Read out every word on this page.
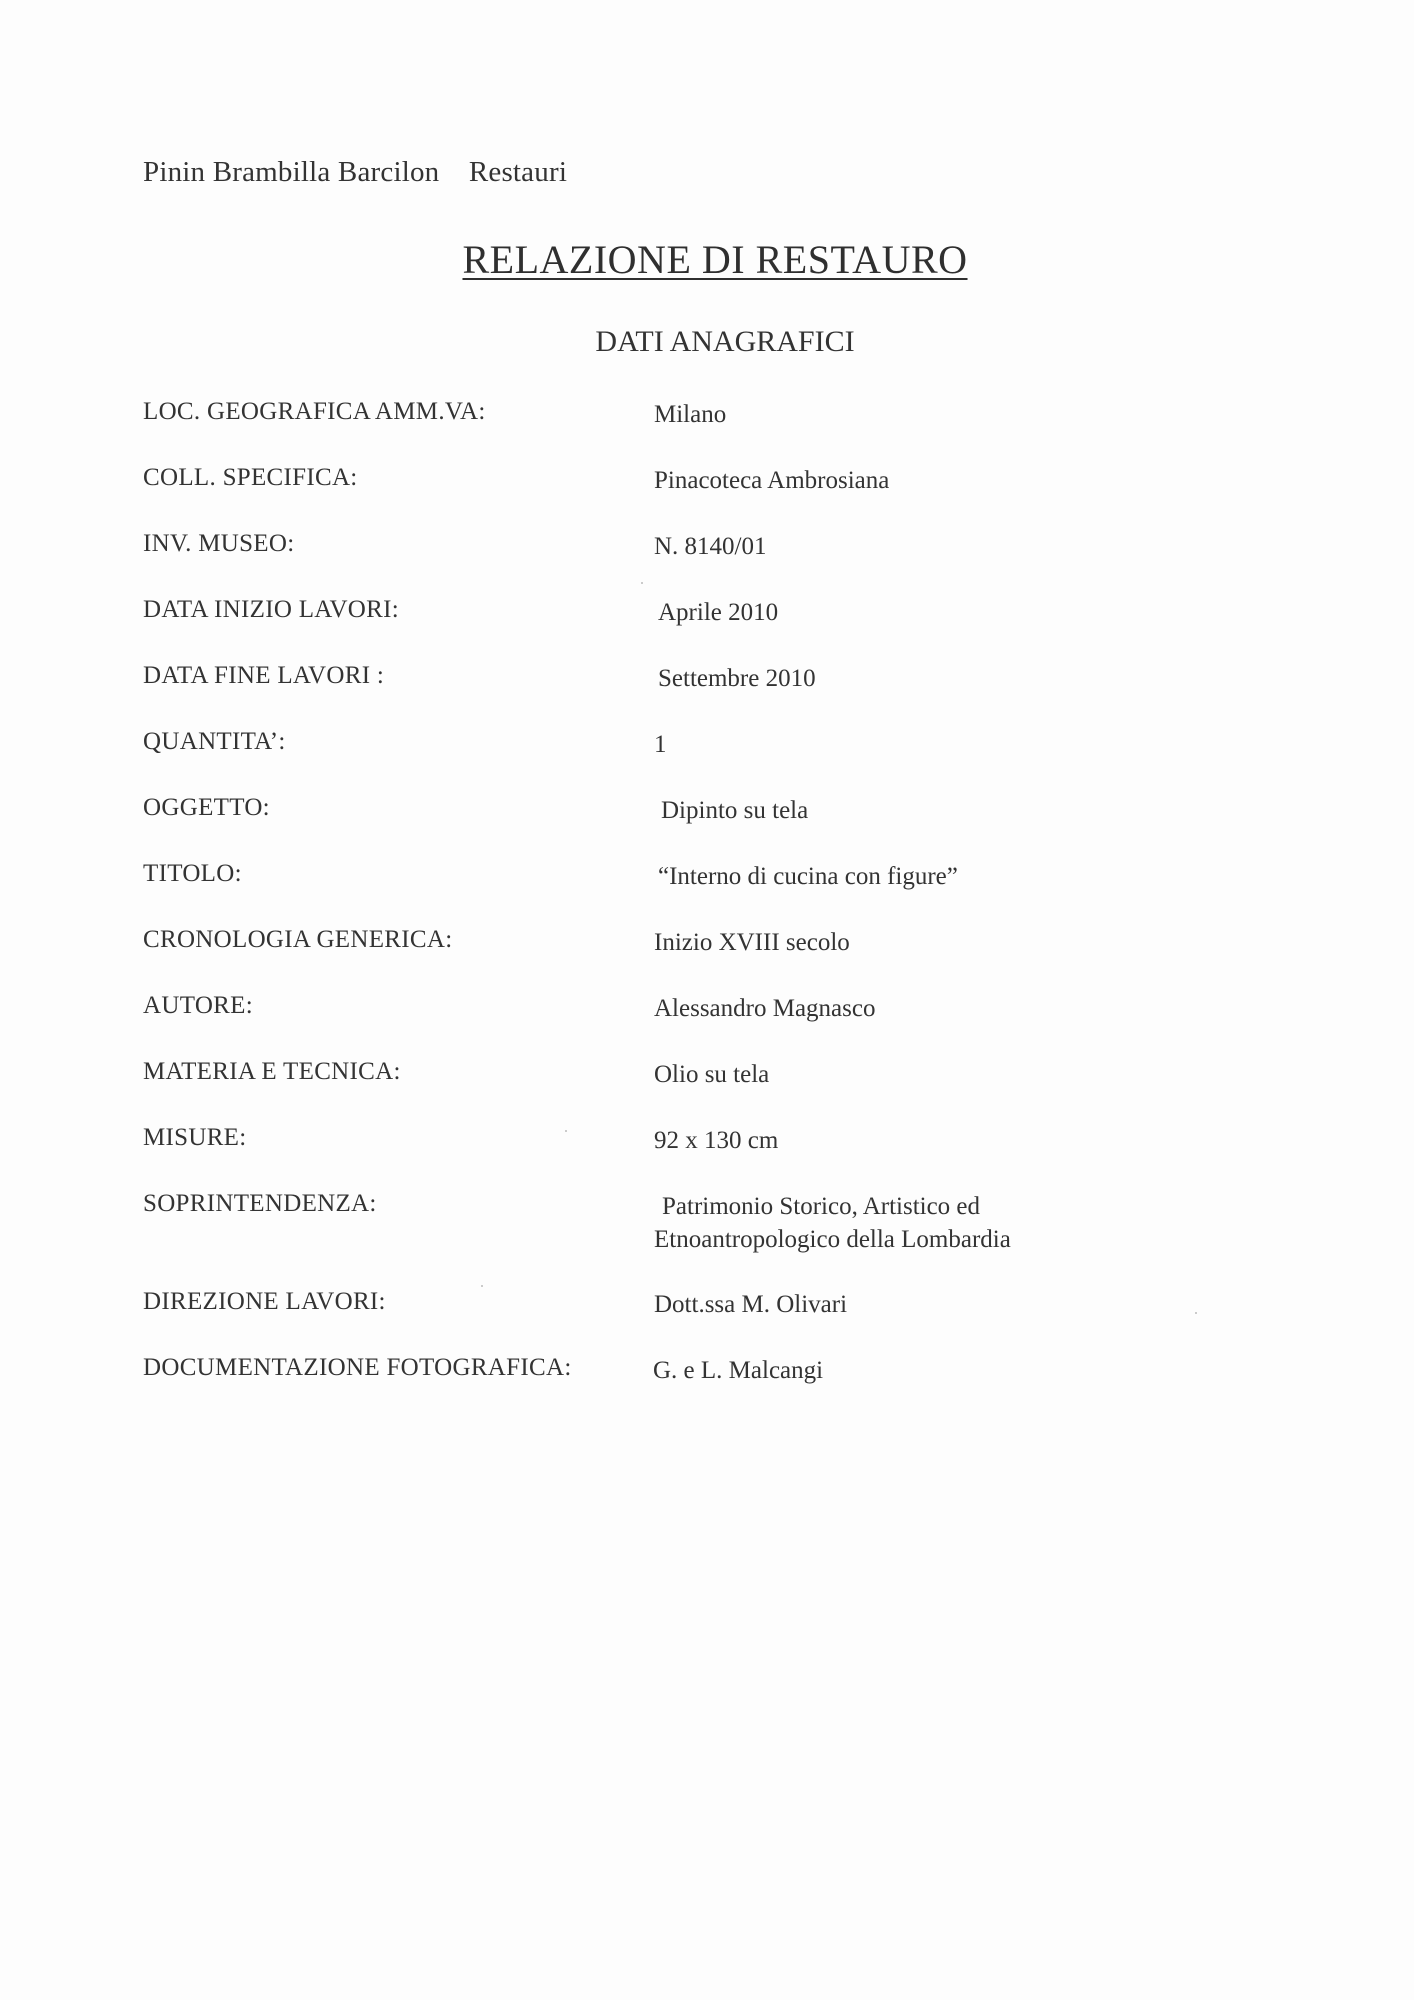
Pinin Brambilla Barcilon Restauri
RELAZIONE DI RESTAURO
DATI ANAGRAFICI
LOC. GEOGRAFICA AMM.VA:	Milano
COLL. SPECIFICA:	Pinacoteca Ambrosiana
INV. MUSEO:	N. 8140/01
DATA INIZIO LAVORI:	Aprile 2010
DATA FINE LAVORI :	Settembre 2010
QUANTITA’:	1
OGGETTO:	Dipinto su tela
TITOLO:	“Interno di cucina con figure”
CRONOLOGIA GENERICA:	Inizio XVIII secolo
AUTORE:	Alessandro Magnasco
MATERIA E TECNICA:	Olio su tela
MISURE:	92 x 130 cm
SOPRINTENDENZA:	Patrimonio Storico, Artistico ed
Etnoantropologico della Lombardia
DIREZIONE LAVORI:	Dott.ssa M. Olivari
DOCUMENTAZIONE FOTOGRAFICA:	G. e L. Malcangi
